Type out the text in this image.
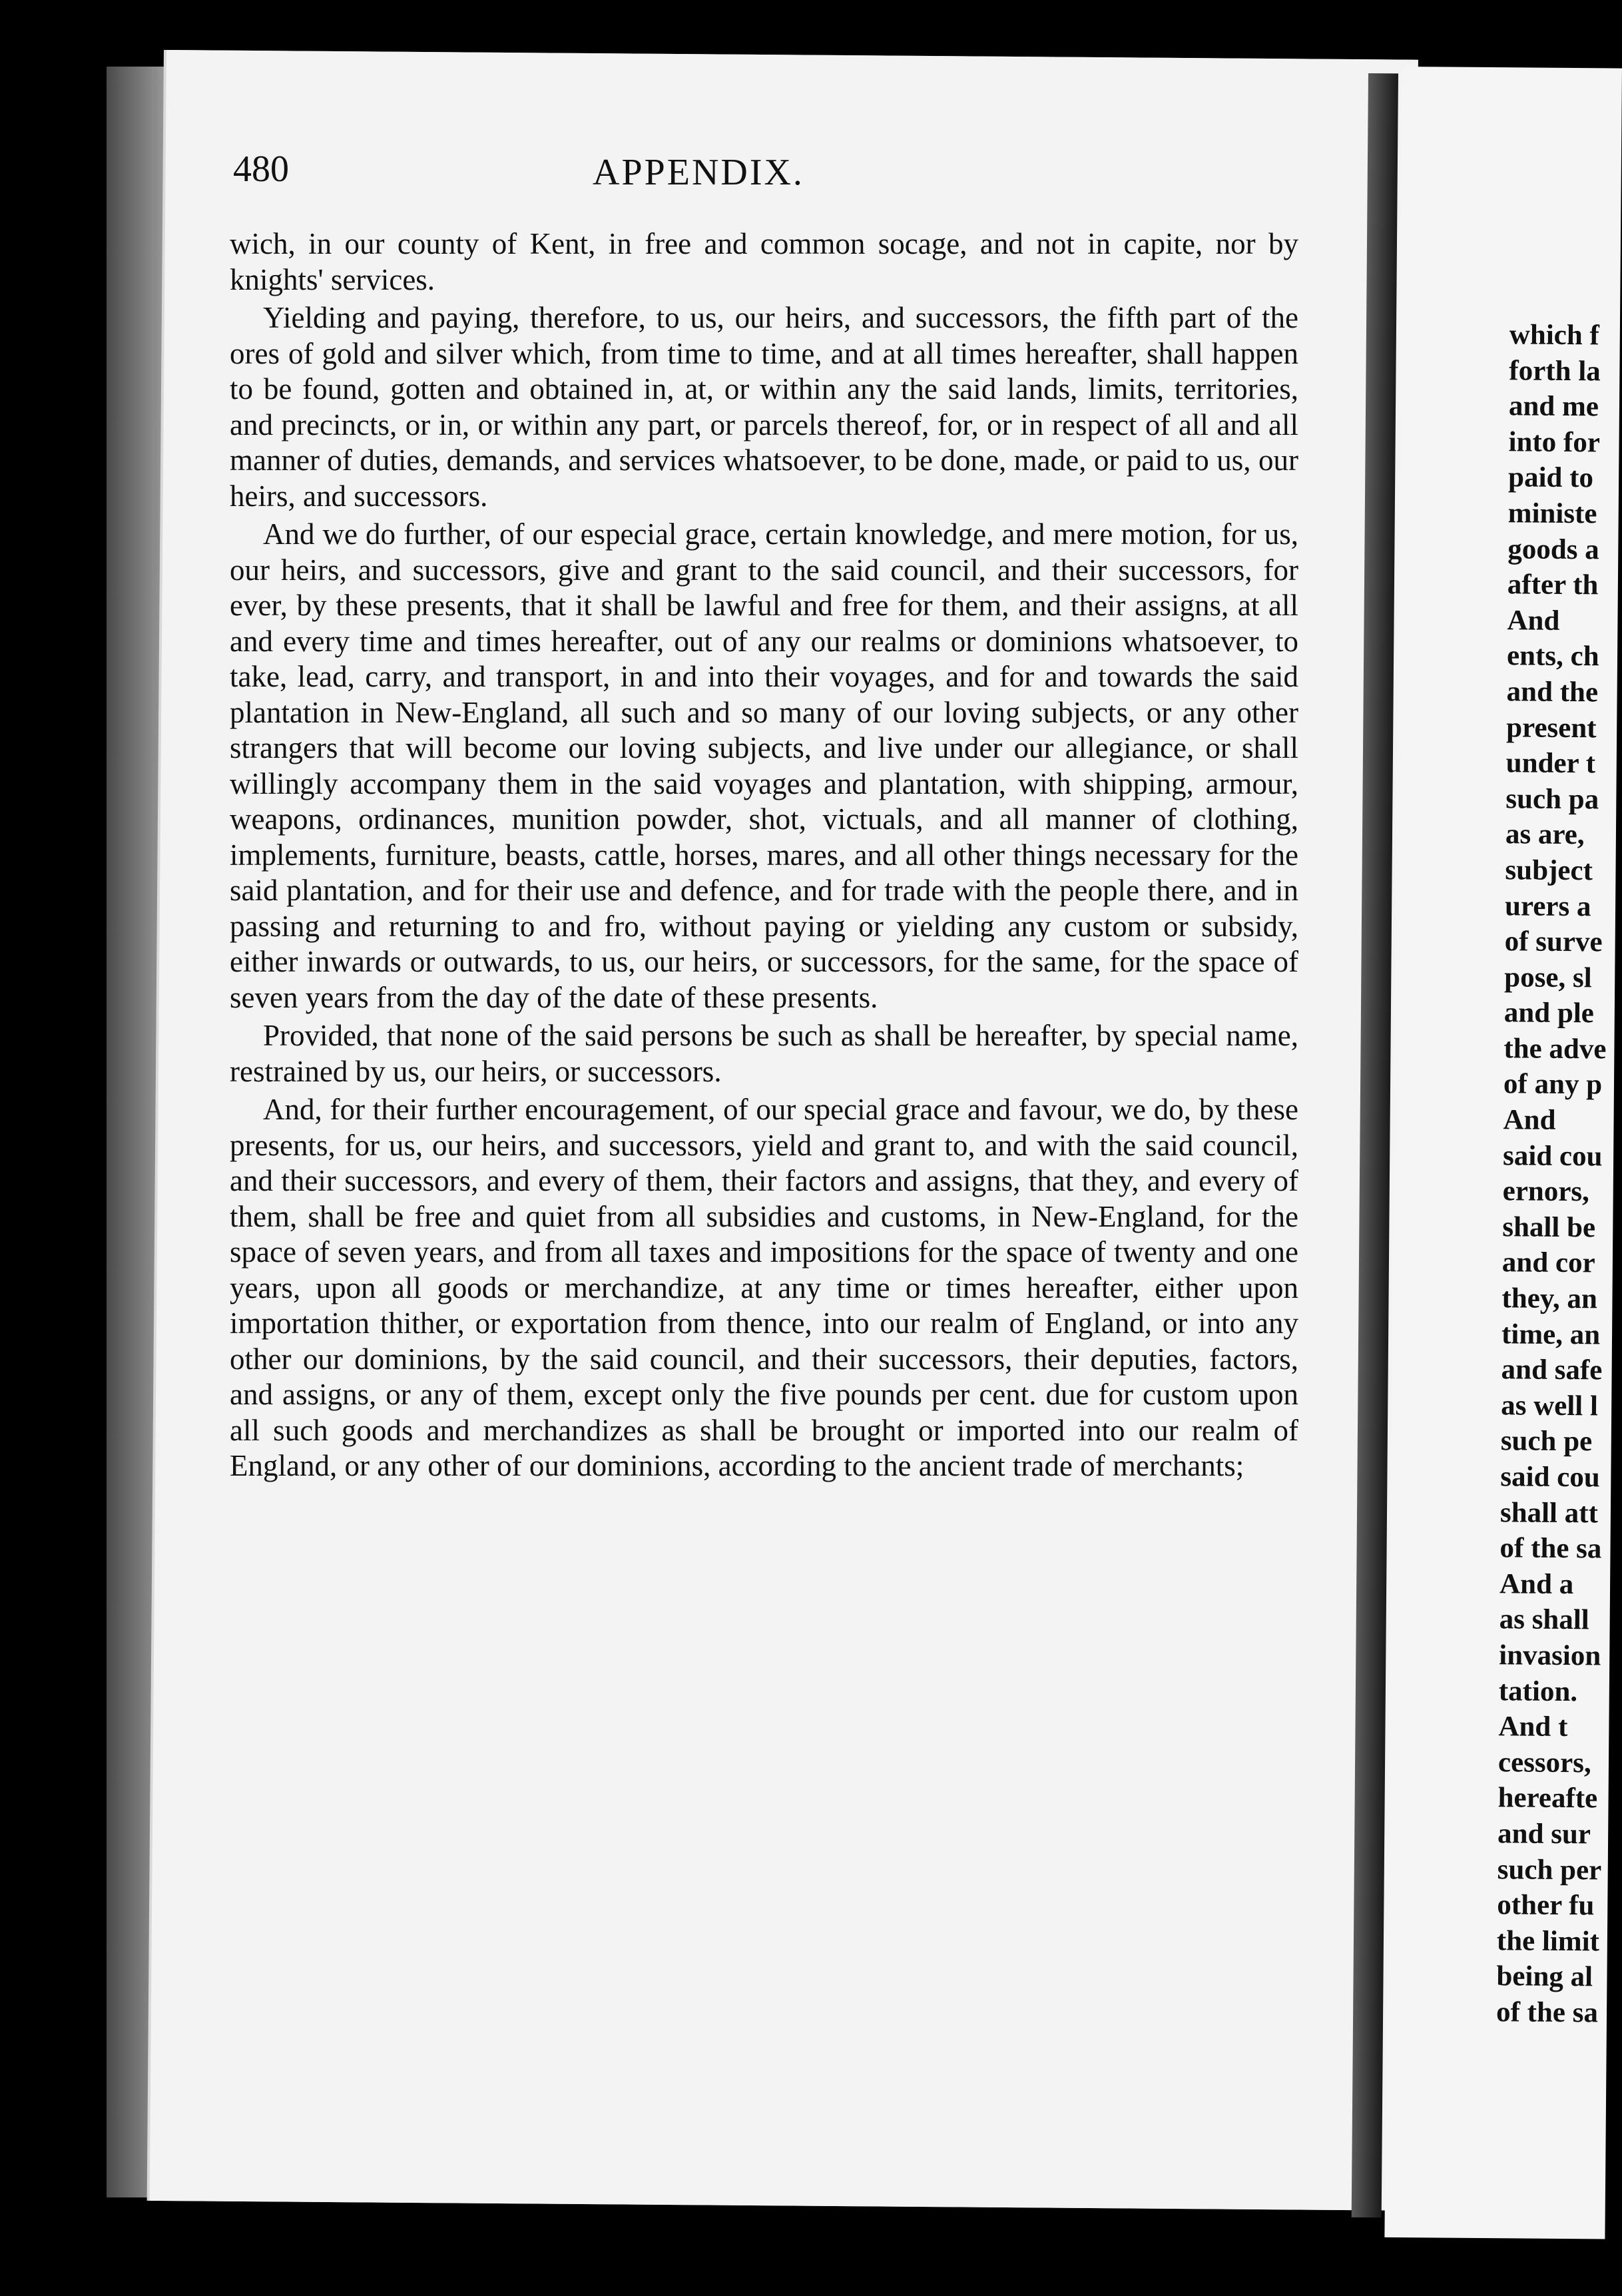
480	APPENDIX.

wich, in our county of Kent, in free and common socage, and not in capite, nor by knights' services.

Yielding and paying, therefore, to us, our heirs, and successors, the fifth part of the ores of gold and silver which, from time to time, and at all times hereafter, shall happen to be found, gotten and obtained in, at, or within any the said lands, limits, territories, and precincts, or in, or within any part, or parcels thereof, for, or in respect of all and all manner of duties, demands, and services whatsoever, to be done, made, or paid to us, our heirs, and successors.

And we do further, of our especial grace, certain knowledge, and mere motion, for us, our heirs, and successors, give and grant to the said council, and their successors, for ever, by these presents, that it shall be lawful and free for them, and their assigns, at all and every time and times hereafter, out of any our realms or dominions whatsoever, to take, lead, carry, and transport, in and into their voyages, and for and towards the said plantation in New-England, all such and so many of our loving subjects, or any other strangers that will become our loving subjects, and live under our allegiance, or shall willingly accompany them in the said voyages and plantation, with shipping, armour, weapons, ordinances, munition powder, shot, victuals, and all manner of clothing, implements, furniture, beasts, cattle, horses, mares, and all other things necessary for the said plantation, and for their use and defence, and for trade with the people there, and in passing and returning to and fro, without paying or yielding any custom or subsidy, either inwards or outwards, to us, our heirs, or successors, for the same, for the space of seven years from the day of the date of these presents.

Provided, that none of the said persons be such as shall be hereafter, by special name, restrained by us, our heirs, or successors.

And, for their further encouragement, of our special grace and favour, we do, by these presents, for us, our heirs, and successors, yield and grant to, and with the said council, and their successors, and every of them, their factors and assigns, that they, and every of them, shall be free and quiet from all subsidies and customs, in New-England, for the space of seven years, and from all taxes and impositions for the space of twenty and one years, upon all goods or merchandize, at any time or times hereafter, either upon importation thither, or exportation from thence, into our realm of England, or into any other our dominions, by the said council, and their successors, their deputies, factors, and assigns, or any of them, except only the five pounds per cent. due for custom upon all such goods and merchandizes as shall be brought or imported into our realm of England, or any other of our dominions, according to the ancient trade of merchants;

which f
forth la
and me
into for
paid to
ministe
goods a
after th
And
ents, ch
and the
present
under t
such pa
as are,
subject
urers a
of surve
pose, sl
and ple
the adve
of any p
And
said cou
ernors,
shall be
and cor
they, an
time, an
and safe
as well l
such pe
said cou
shall att
of the sa
And a
as shall
invasion
tation.
And t
cessors,
hereafte
and sur
such per
other fu
the limit
being al
of the sa
